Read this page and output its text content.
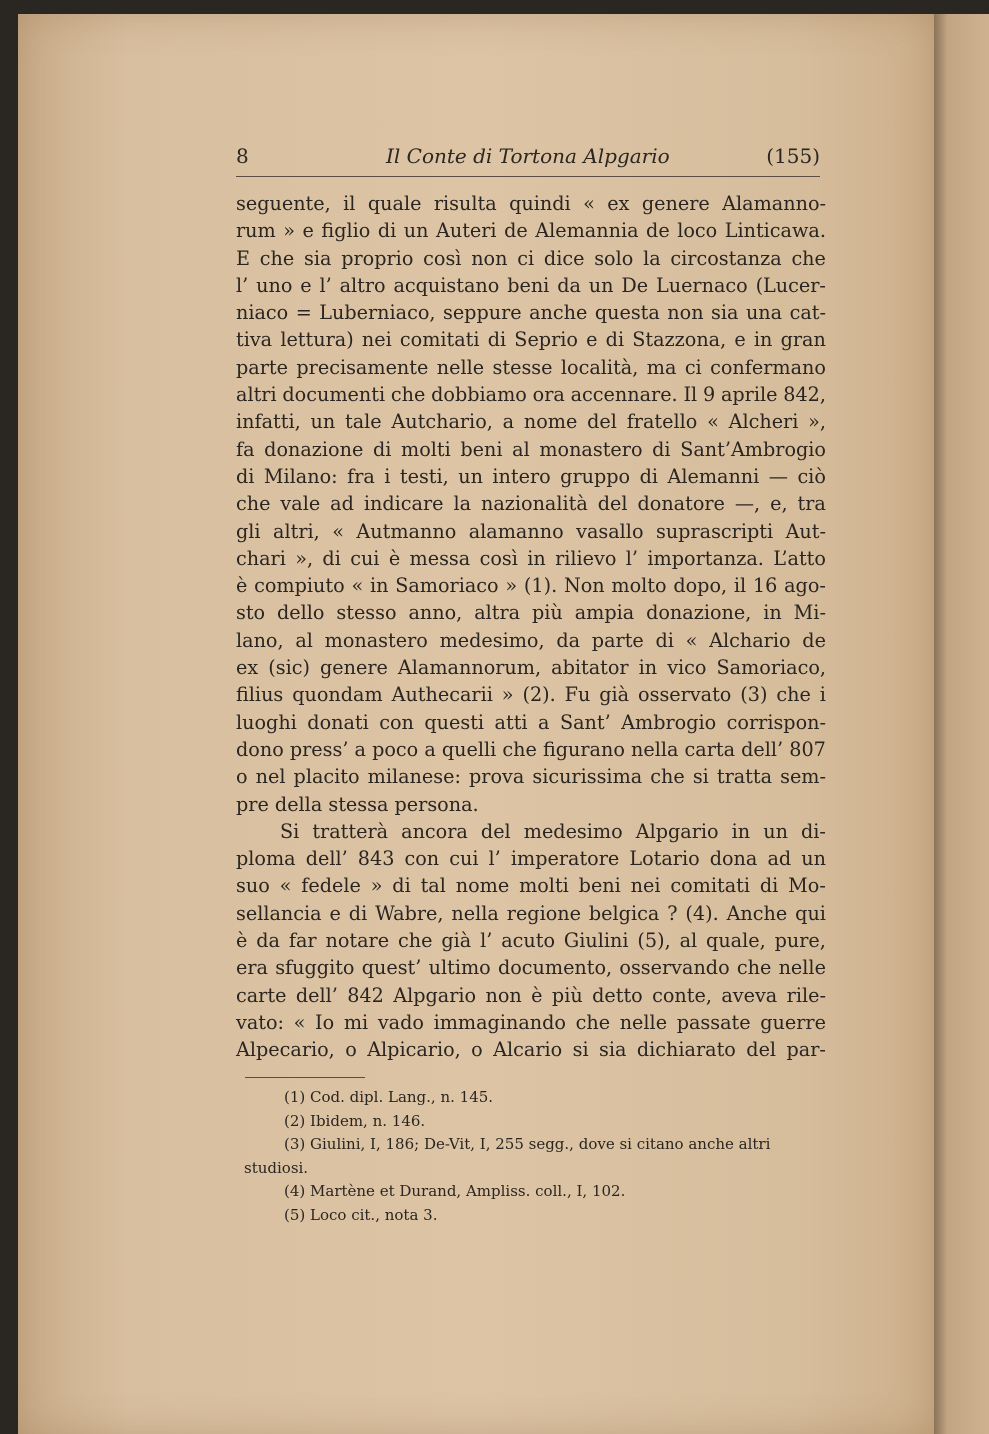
8	Il Conte di Tortona Alpgario	(155)
seguente, il quale risulta quindi « ex genere Alamanno-
rum » e figlio di un Auteri de Alemannia de loco Linticawa.
E che sia proprio così non ci dice solo la circostanza che
l’ uno e l’ altro acquistano beni da un De Luernaco (Lucer-
niaco = Luberniaco, seppure anche questa non sia una cat-
tiva lettura) nei comitati di Seprio e di Stazzona, e in gran
parte precisamente nelle stesse località, ma ci confermano
altri documenti che dobbiamo ora accennare. Il 9 aprile 842,
infatti, un tale Autchario, a nome del fratello « Alcheri »,
fa donazione di molti beni al monastero di Sant’Ambrogio
di Milano: fra i testi, un intero gruppo di Alemanni — ciò
che vale ad indicare la nazionalità del donatore —, e, tra
gli altri, « Autmanno alamanno vasallo suprascripti Aut-
chari », di cui è messa così in rilievo l’ importanza. L’atto
è compiuto « in Samoriaco » (1). Non molto dopo, il 16 ago-
sto dello stesso anno, altra più ampia donazione, in Mi-
lano, al monastero medesimo, da parte di « Alchario de
ex (sic) genere Alamannorum, abitator in vico Samoriaco,
filius quondam Authecarii » (2). Fu già osservato (3) che i
luoghi donati con questi atti a Sant’ Ambrogio corrispon-
dono press’ a poco a quelli che figurano nella carta dell’ 807
o nel placito milanese: prova sicurissima che si tratta sem-
pre della stessa persona.
Si tratterà ancora del medesimo Alpgario in un di-
ploma dell’ 843 con cui l’ imperatore Lotario dona ad un
suo « fedele » di tal nome molti beni nei comitati di Mo-
sellancia e di Wabre, nella regione belgica ? (4). Anche qui
è da far notare che già l’ acuto Giulini (5), al quale, pure,
era sfuggito quest’ ultimo documento, osservando che nelle
carte dell’ 842 Alpgario non è più detto conte, aveva rile-
vato: « Io mi vado immaginando che nelle passate guerre
Alpecario, o Alpicario, o Alcario si sia dichiarato del par-
(1) Cod. dipl. Lang., n. 145.
(2) Ibidem, n. 146.
(3) Giulini, I, 186; De-Vit, I, 255 segg., dove si citano anche altri
studiosi.
(4) Martène et Durand, Ampliss. coll., I, 102.
(5) Loco cit., nota 3.
